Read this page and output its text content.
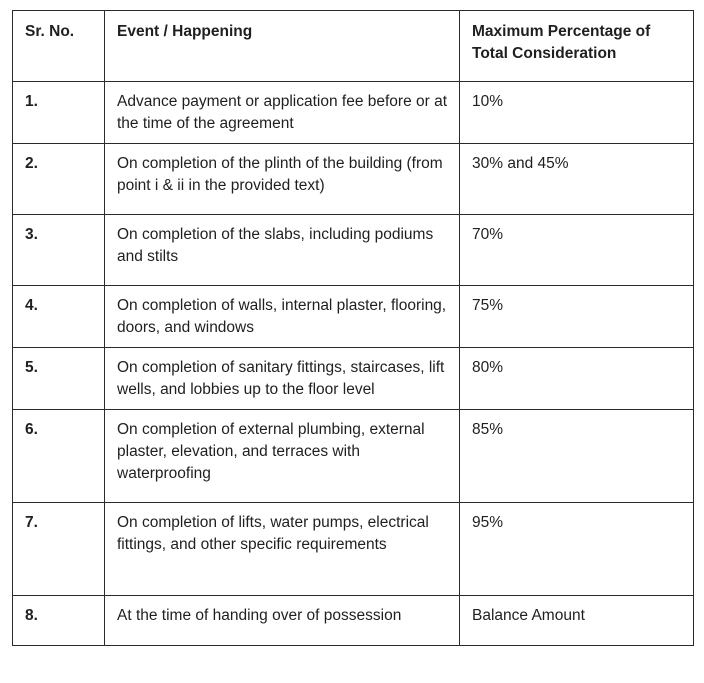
Sr. No.	Event / Happening	Maximum Percentage of Total Consideration
1.	Advance payment or application fee before or at the time of the agreement	10%
2.	On completion of the plinth of the building (from point i & ii in the provided text)	30% and 45%
3.	On completion of the slabs, including podiums and stilts	70%
4.	On completion of walls, internal plaster, flooring, doors, and windows	75%
5.	On completion of sanitary fittings, staircases, lift wells, and lobbies up to the floor level	80%
6.	On completion of external plumbing, external plaster, elevation, and terraces with waterproofing	85%
7.	On completion of lifts, water pumps, electrical fittings, and other specific requirements	95%
8.	At the time of handing over of possession	Balance Amount
